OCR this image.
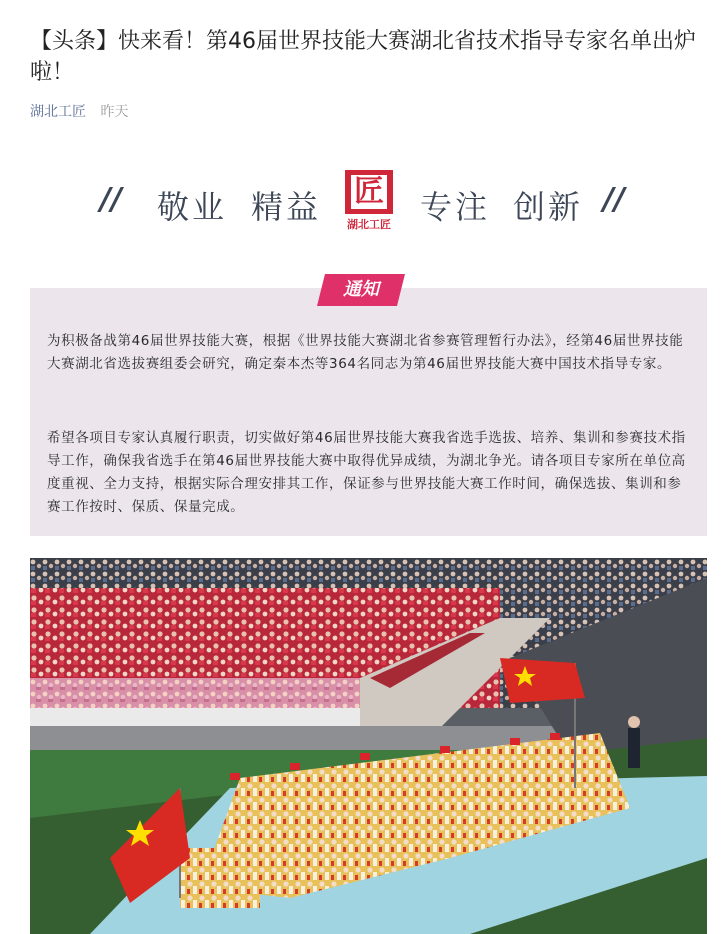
【头条】快来看！第46届世界技能大赛湖北省技术指导专家名单出炉啦！
湖北工匠 昨天
// 敬业 精益	匠
湖北工匠 专注 创新 //
通知

为积极备战第46届世界技能大赛，根据《世界技能大赛湖北省参赛管理暂行办法》，经第46届世界技能大赛湖北省选拔赛组委会研究，确定秦本杰等364名同志为第46届世界技能大赛中国技术指导专家。

希望各项目专家认真履行职责，切实做好第46届世界技能大赛我省选手选拔、培养、集训和参赛技术指导工作，确保我省选手在第46届世界技能大赛中取得优异成绩，为湖北争光。请各项目专家所在单位高度重视、全力支持，根据实际合理安排其工作，保证参与世界技能大赛工作时间，确保选拔、集训和参赛工作按时、保质、保量完成。
